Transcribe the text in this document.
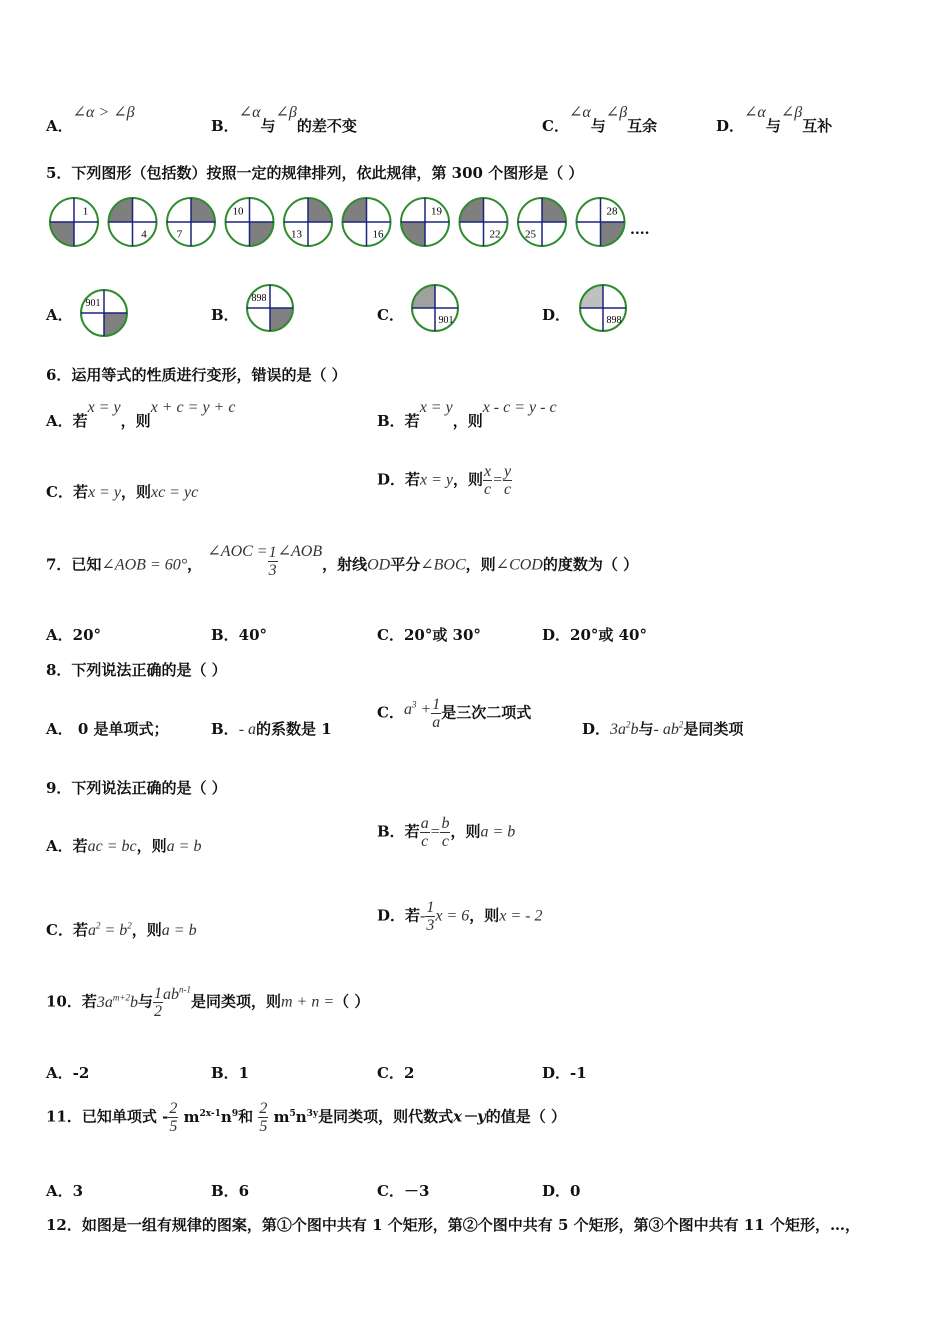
A．∠α > ∠β
B．∠α与∠β的差不变	C．∠α与∠β互余	D．∠α与∠β互补
5．下列图形（包括数）按照一定的规律排列，依此规律，第 300 个图形是（ ）
1
4	7
10
13	16
19
22 25
28
....
A．
901
B．
898
C．	901	D．	898
6．运用等式的性质进行变形，错误的是（ ）
A．若x = y，则x + c = y + c
B．若x = y，则x - c = y - c
C．若x = y，则xc = yc
D．若x = y，则 $\frac{x}{c} = \frac{y}{c}$
7．已知∠AOB = 60°， ∠AOC = $\frac{1}{3}$ ∠AOB，射线OD平分∠BOC，则∠COD的度数为（ ）
A．20°	B．40°	C．20°或 30°	D．20°或 40°
8．下列说法正确的是（ ）
A． 0 是单项式；	B．- a的系数是 1
C．$a^3 + \frac{1}{a}$ 是三次二项式
D．$3a^2b$与- $ab^2$是同类项
9．下列说法正确的是（ ）
A．若ac = bc，则a = b
B．若 $\frac{a}{c} = \frac{b}{c}$ ，则a = b
C．若$a^2 = b^2$，则a = b
D．若- $\frac{1}{3}$ x = 6，则x = - 2
10．若$3a^{m+2}b$与 $\frac{1}{2} ab^{n-1}$是同类项，则m + n =（ ）
A．-2	B．1	C．2	D．-1
11．已知单项式 - $\frac{2}{5} m^{2x-1}n^9$和 $\frac{2}{5} m^5n^{3y}$是同类项，则代数式x－y的值是（ ）
A．3	B．6	C．－3	D．0
12．如图是一组有规律的图案，第①个图中共有 1 个矩形，第②个图中共有 5 个矩形，第③个图中共有 11 个矩形，…，
